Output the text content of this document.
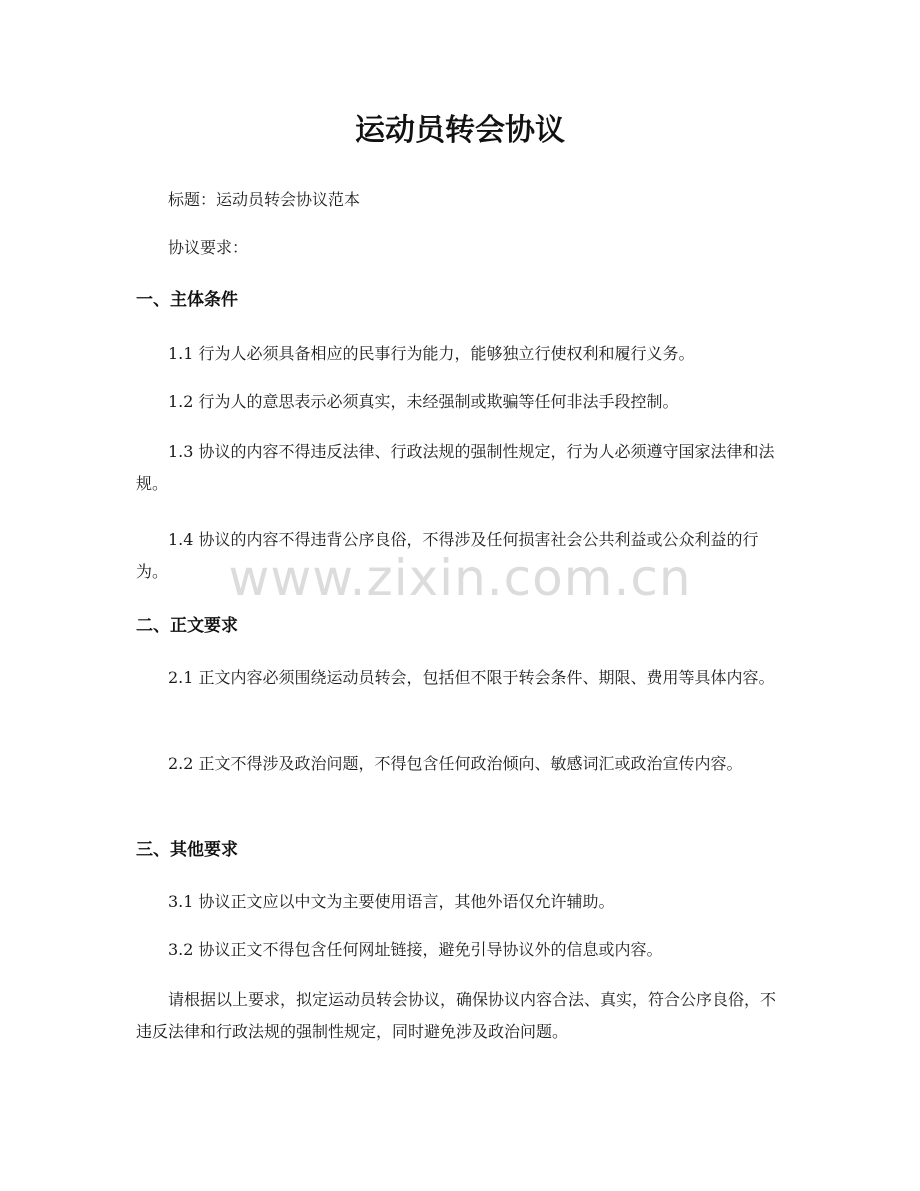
运动员转会协议

标题：运动员转会协议范本

协议要求：

一、主体条件

1.1 行为人必须具备相应的民事行为能力，能够独立行使权利和履行义务。

1.2 行为人的意思表示必须真实，未经强制或欺骗等任何非法手段控制。

1.3 协议的内容不得违反法律、行政法规的强制性规定，行为人必须遵守国家法律和法规。

1.4 协议的内容不得违背公序良俗，不得涉及任何损害社会公共利益或公众利益的行为。

二、正文要求

2.1 正文内容必须围绕运动员转会，包括但不限于转会条件、期限、费用等具体内容。

2.2 正文不得涉及政治问题，不得包含任何政治倾向、敏感词汇或政治宣传内容。

三、其他要求

3.1 协议正文应以中文为主要使用语言，其他外语仅允许辅助。

3.2 协议正文不得包含任何网址链接，避免引导协议外的信息或内容。

请根据以上要求，拟定运动员转会协议，确保协议内容合法、真实，符合公序良俗，不违反法律和行政法规的强制性规定，同时避免涉及政治问题。

www.zixin.com.cn
